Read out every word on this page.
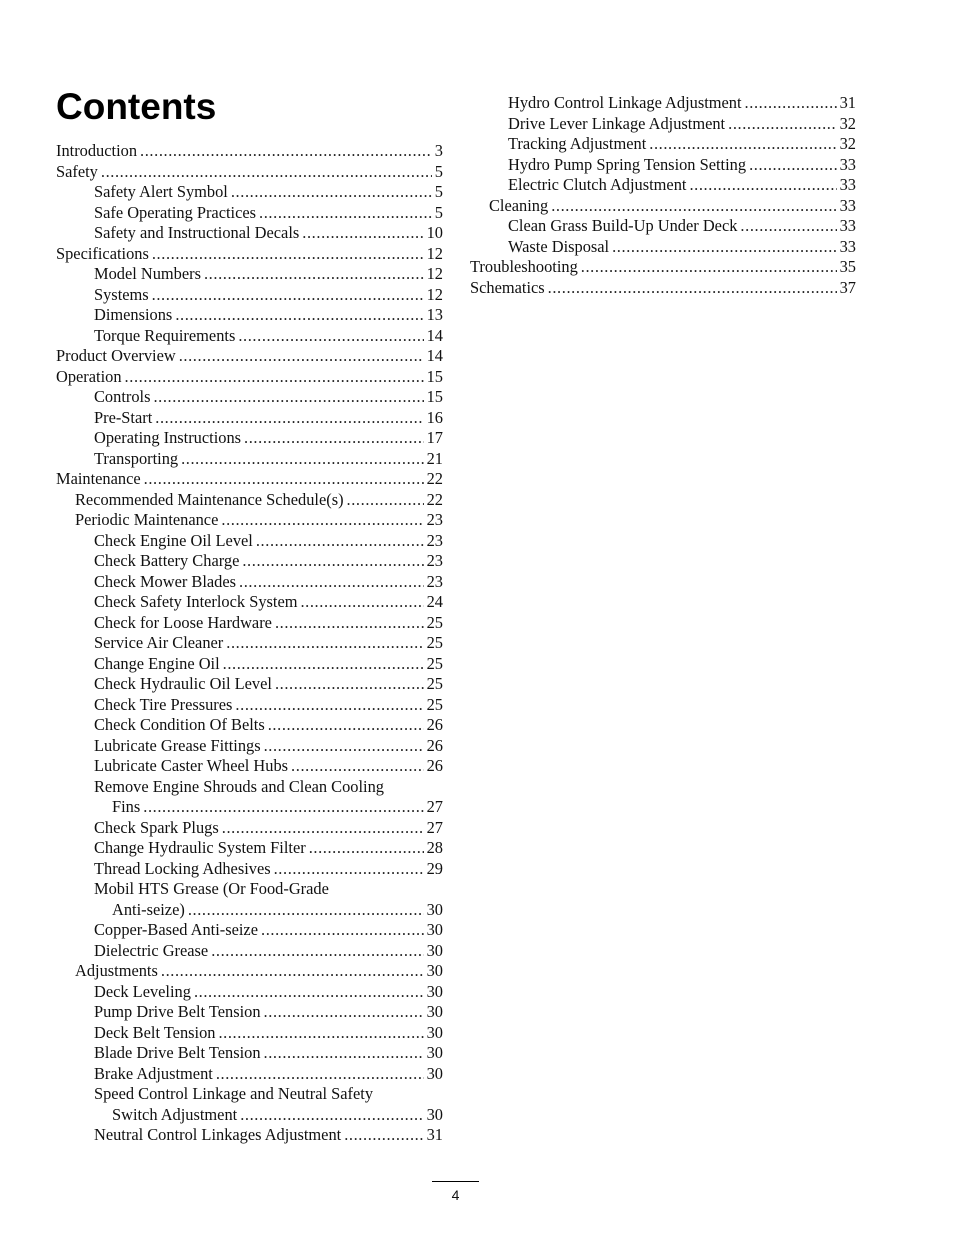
Contents
Introduction .....	3
Safety .....	5
Safety Alert Symbol .....	5
Safe Operating Practices .....	5
Safety and Instructional Decals .....	10
Specifications .....	12
Model Numbers .....	12
Systems .....	12
Dimensions .....	13
Torque Requirements .....	14
Product Overview .....	14
Operation .....	15
Controls .....	15
Pre-Start .....	16
Operating Instructions .....	17
Transporting .....	21
Maintenance .....	22
Recommended Maintenance Schedule(s) .....	22
Periodic Maintenance .....	23
Check Engine Oil Level .....	23
Check Battery Charge .....	23
Check Mower Blades .....	23
Check Safety Interlock System .....	24
Check for Loose Hardware .....	25
Service Air Cleaner .....	25
Change Engine Oil .....	25
Check Hydraulic Oil Level .....	25
Check Tire Pressures .....	25
Check Condition Of Belts .....	26
Lubricate Grease Fittings .....	26
Lubricate Caster Wheel Hubs .....	26
Remove Engine Shrouds and Clean Cooling
Fins .....	27
Check Spark Plugs .....	27
Change Hydraulic System Filter .....	28
Thread Locking Adhesives .....	29
Mobil HTS Grease (Or Food-Grade
Anti-seize) .....	30
Copper-Based Anti-seize .....	30
Dielectric Grease .....	30
Adjustments .....	30
Deck Leveling .....	30
Pump Drive Belt Tension .....	30
Deck Belt Tension .....	30
Blade Drive Belt Tension .....	30
Brake Adjustment .....	30
Speed Control Linkage and Neutral Safety
Switch Adjustment .....	30
Neutral Control Linkages Adjustment .....	31
Hydro Control Linkage Adjustment .....	31
Drive Lever Linkage Adjustment .....	32
Tracking Adjustment .....	32
Hydro Pump Spring Tension Setting .....	33
Electric Clutch Adjustment .....	33
Cleaning .....	33
Clean Grass Build-Up Under Deck .....	33
Waste Disposal .....	33
Troubleshooting .....	35
Schematics .....	37
4
